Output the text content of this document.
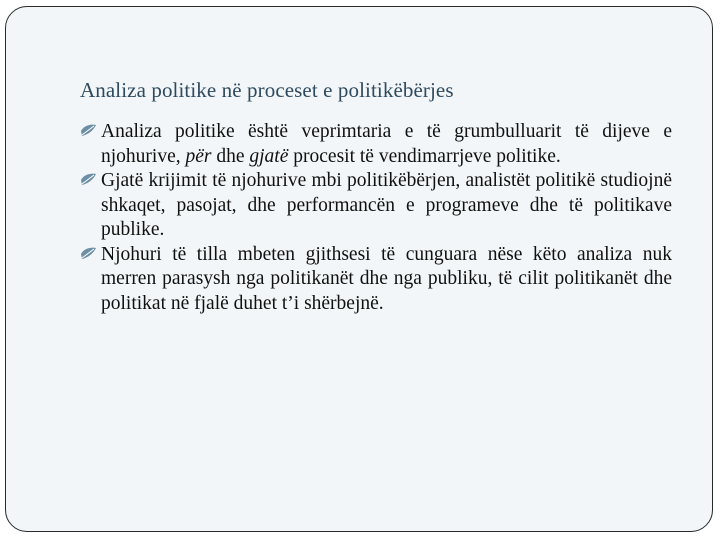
Analiza politike në proceset e politikëbërjes
Analiza politike është veprimtaria e të grumbulluarit të dijeve e njohurive, për dhe gjatë procesit të vendimarrjeve politike.
Gjatë krijimit të njohurive mbi politikëbërjen, analistët politikë studiojnë shkaqet, pasojat, dhe performancën e programeve dhe të politikave publike.
Njohuri të tilla mbeten gjithsesi të cunguara nëse këto analiza nuk merren parasysh nga politikanët dhe nga publiku, të cilit politikanët dhe politikat në fjalë duhet t’i shërbejnë.
